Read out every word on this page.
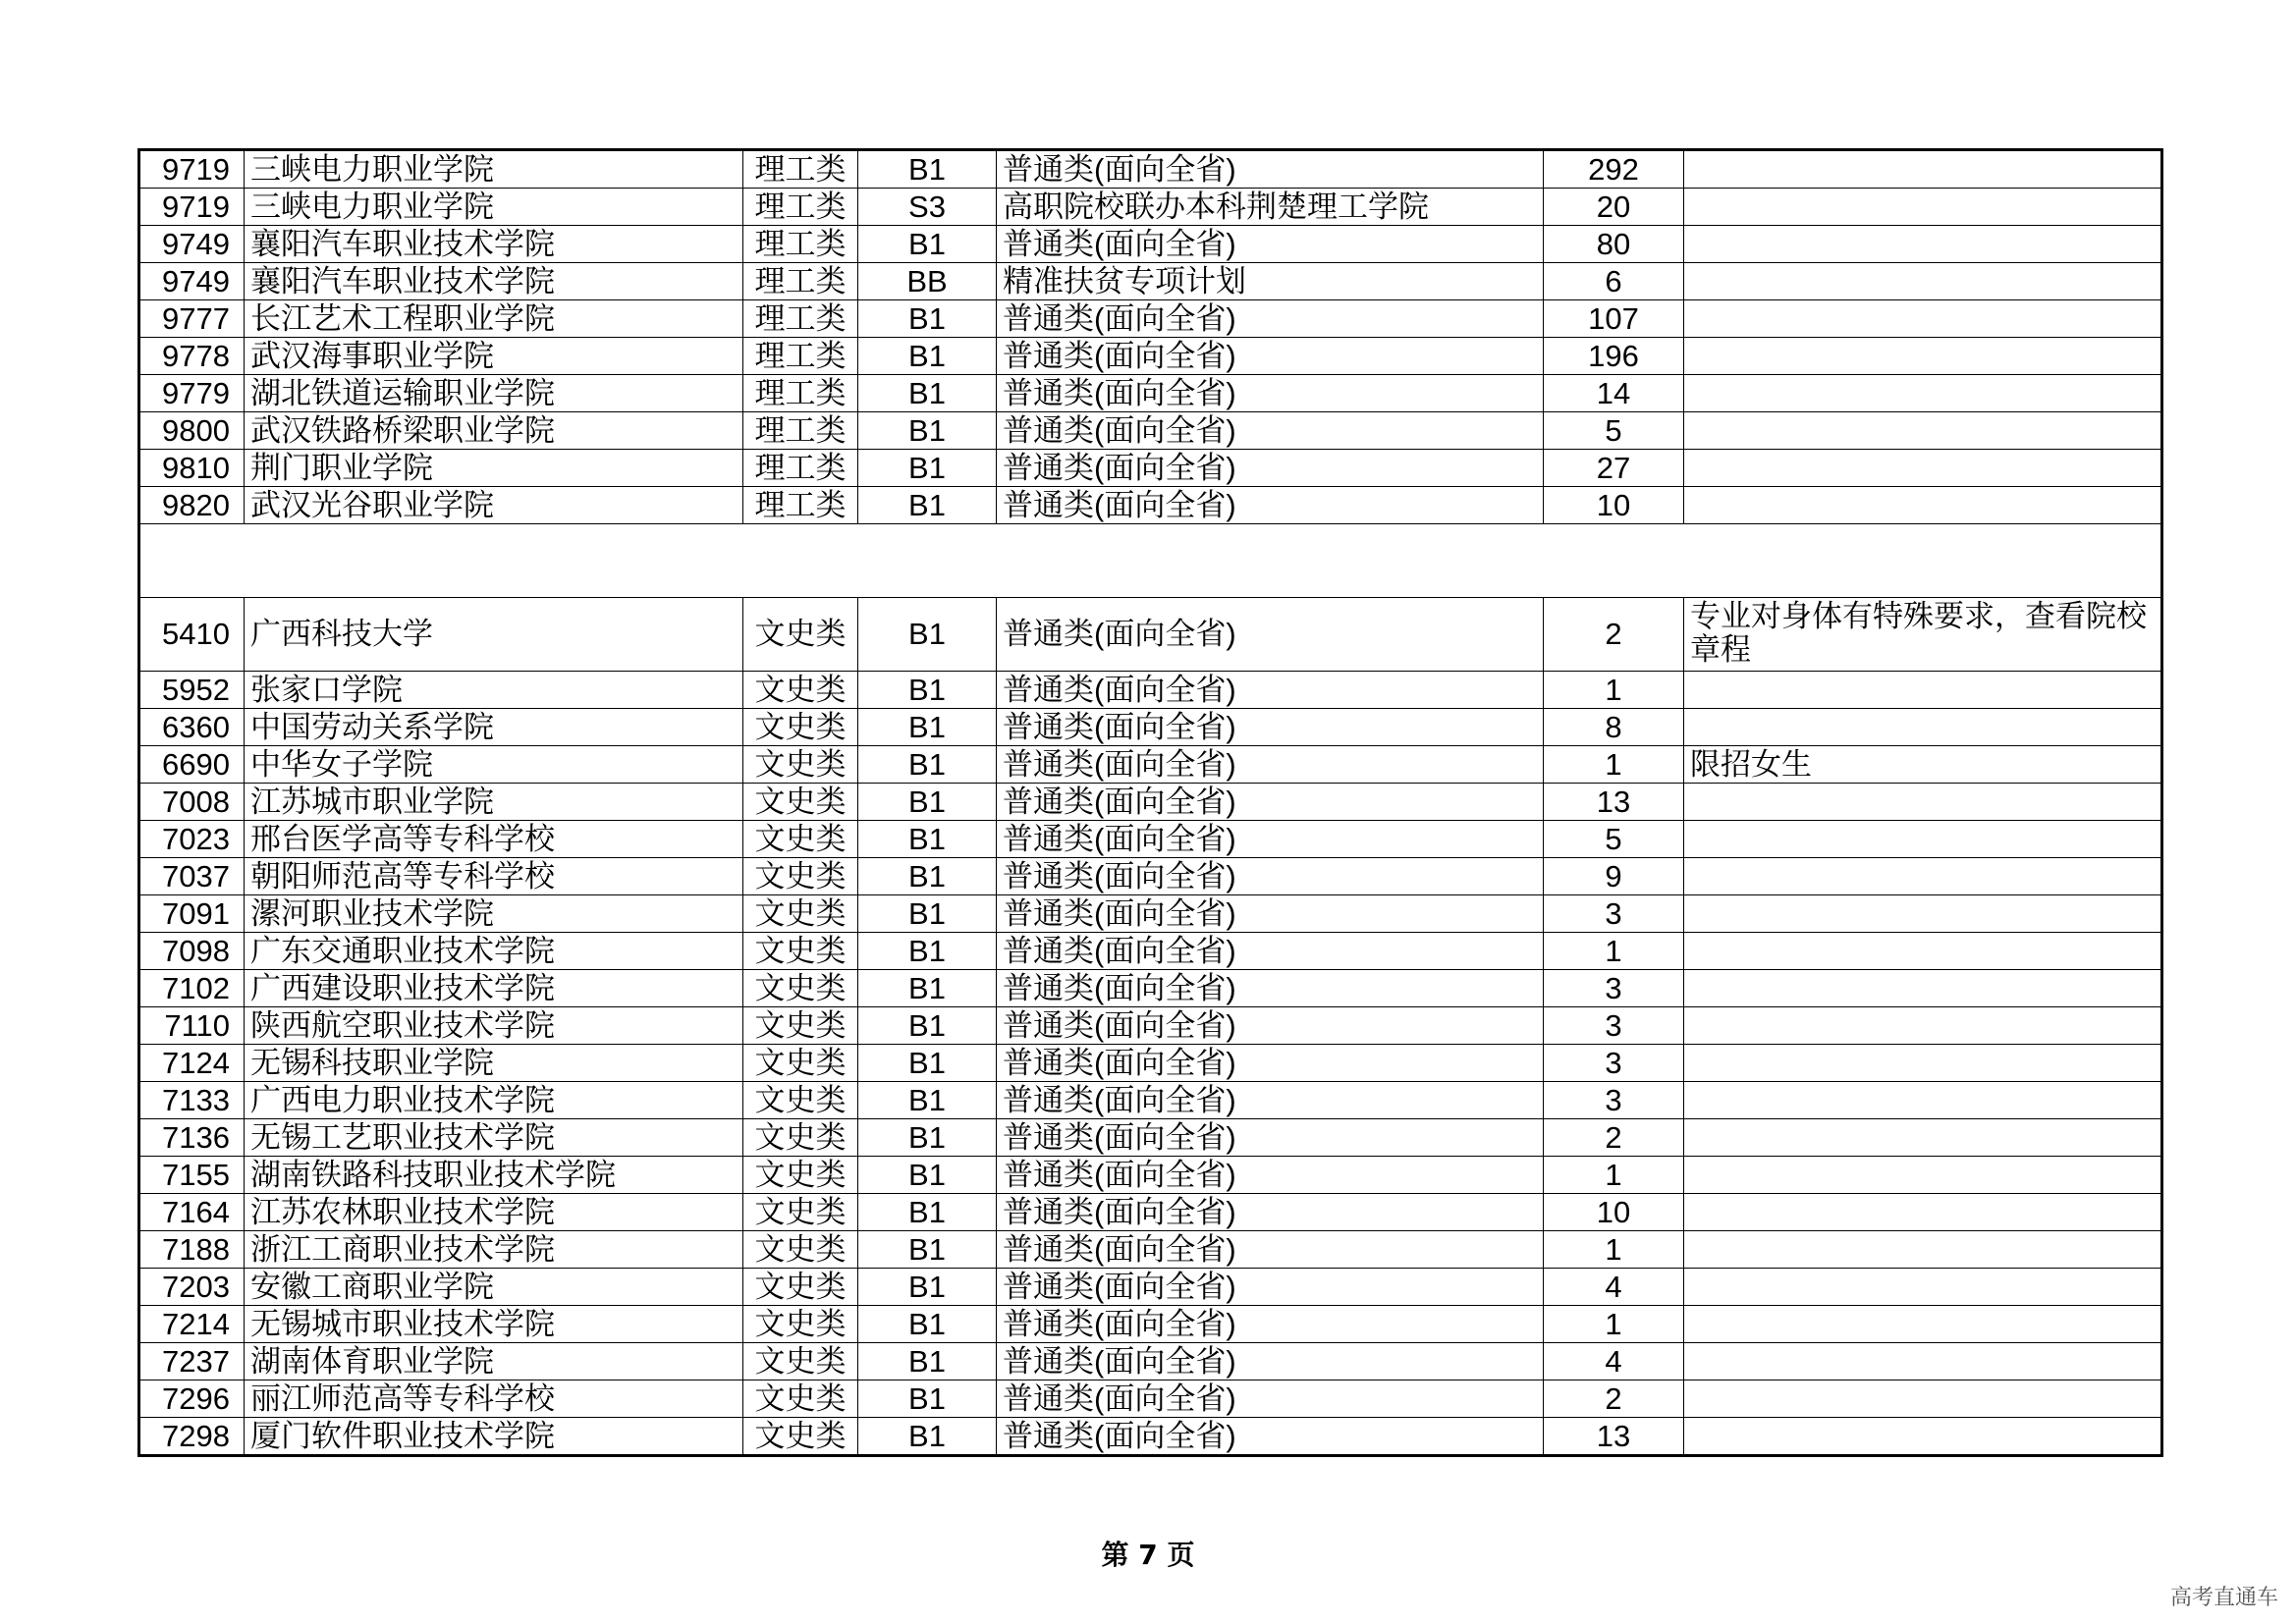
9719	三峡电力职业学院	理工类	B1	普通类(面向全省)	292	
9719	三峡电力职业学院	理工类	S3	高职院校联办本科荆楚理工学院	20	
9749	襄阳汽车职业技术学院	理工类	B1	普通类(面向全省)	80	
9749	襄阳汽车职业技术学院	理工类	BB	精准扶贫专项计划	6	
9777	长江艺术工程职业学院	理工类	B1	普通类(面向全省)	107	
9778	武汉海事职业学院	理工类	B1	普通类(面向全省)	196	
9779	湖北铁道运输职业学院	理工类	B1	普通类(面向全省)	14	
9800	武汉铁路桥梁职业学院	理工类	B1	普通类(面向全省)	5	
9810	荆门职业学院	理工类	B1	普通类(面向全省)	27	
9820	武汉光谷职业学院	理工类	B1	普通类(面向全省)	10	

5410	广西科技大学	文史类	B1	普通类(面向全省)	2	专业对身体有特殊要求，查看院校章程
5952	张家口学院	文史类	B1	普通类(面向全省)	1	
6360	中国劳动关系学院	文史类	B1	普通类(面向全省)	8	
6690	中华女子学院	文史类	B1	普通类(面向全省)	1	限招女生
7008	江苏城市职业学院	文史类	B1	普通类(面向全省)	13	
7023	邢台医学高等专科学校	文史类	B1	普通类(面向全省)	5	
7037	朝阳师范高等专科学校	文史类	B1	普通类(面向全省)	9	
7091	漯河职业技术学院	文史类	B1	普通类(面向全省)	3	
7098	广东交通职业技术学院	文史类	B1	普通类(面向全省)	1	
7102	广西建设职业技术学院	文史类	B1	普通类(面向全省)	3	
7110	陕西航空职业技术学院	文史类	B1	普通类(面向全省)	3	
7124	无锡科技职业学院	文史类	B1	普通类(面向全省)	3	
7133	广西电力职业技术学院	文史类	B1	普通类(面向全省)	3	
7136	无锡工艺职业技术学院	文史类	B1	普通类(面向全省)	2	
7155	湖南铁路科技职业技术学院	文史类	B1	普通类(面向全省)	1	
7164	江苏农林职业技术学院	文史类	B1	普通类(面向全省)	10	
7188	浙江工商职业技术学院	文史类	B1	普通类(面向全省)	1	
7203	安徽工商职业学院	文史类	B1	普通类(面向全省)	4	
7214	无锡城市职业技术学院	文史类	B1	普通类(面向全省)	1	
7237	湖南体育职业学院	文史类	B1	普通类(面向全省)	4	
7296	丽江师范高等专科学校	文史类	B1	普通类(面向全省)	2	
7298	厦门软件职业技术学院	文史类	B1	普通类(面向全省)	13	
第 7 页
高考直通车
